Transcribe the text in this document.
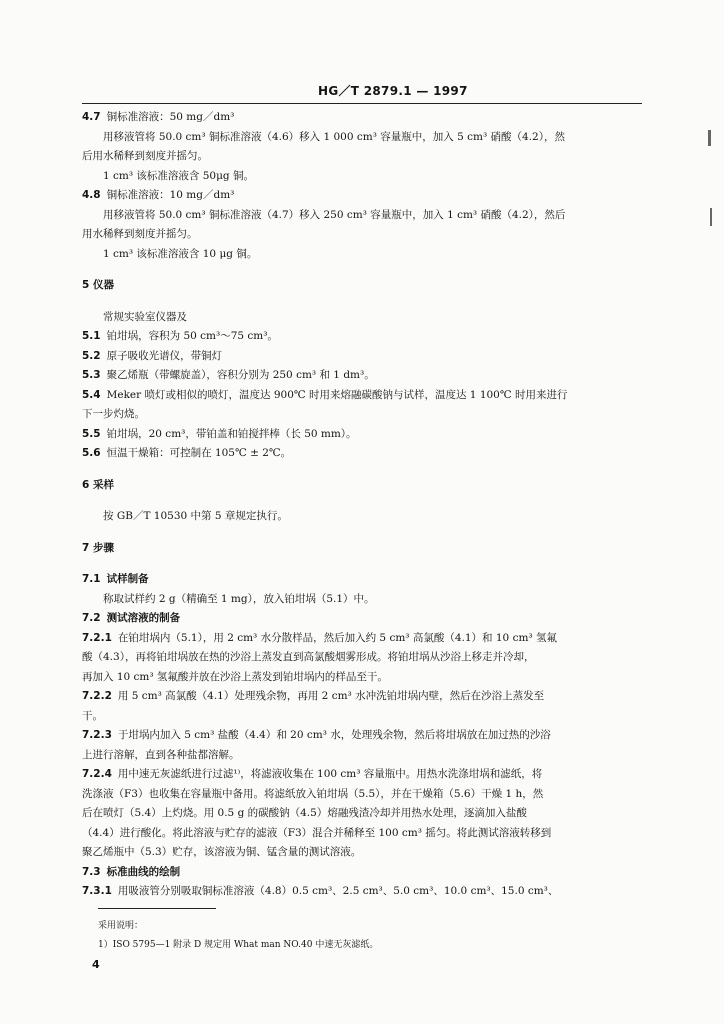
HG／T 2879.1 — 1997
4.7 铜标准溶液：50 mg／dm³
用移液管将 50.0 cm³ 铜标准溶液（4.6）移入 1 000 cm³ 容量瓶中，加入 5 cm³ 硝酸（4.2），然
后用水稀释到刻度并摇匀。
1 cm³ 该标准溶液含 50μg 铜。
4.8 铜标准溶液：10 mg／dm³
用移液管将 50.0 cm³ 铜标准溶液（4.7）移入 250 cm³ 容量瓶中，加入 1 cm³ 硝酸（4.2），然后
用水稀释到刻度并摇匀。
1 cm³ 该标准溶液含 10 μg 铜。
5 仪器
常规实验室仪器及
5.1 铂坩埚，容积为 50 cm³～75 cm³。
5.2 原子吸收光谱仪，带铜灯
5.3 聚乙烯瓶（带螺旋盖），容积分别为 250 cm³ 和 1 dm³。
5.4 Meker 喷灯或相似的喷灯，温度达 900℃ 时用来熔融碳酸钠与试样，温度达 1 100℃ 时用来进行
下一步灼烧。
5.5 铂坩埚，20 cm³，带铂盖和铂搅拌棒（长 50 mm）。
5.6 恒温干燥箱：可控制在 105℃ ± 2℃。
6 采样
按 GB／T 10530 中第 5 章规定执行。
7 步骤
7.1 试样制备
称取试样约 2 g（精确至 1 mg），放入铂坩埚（5.1）中。
7.2 测试溶液的制备
7.2.1 在铂坩埚内（5.1），用 2 cm³ 水分散样品，然后加入约 5 cm³ 高氯酸（4.1）和 10 cm³ 氢氟
酸（4.3），再将铂坩埚放在热的沙浴上蒸发直到高氯酸烟雾形成。将铂坩埚从沙浴上移走并冷却，
再加入 10 cm³ 氢氟酸并放在沙浴上蒸发到铂坩埚内的样品至干。
7.2.2 用 5 cm³ 高氯酸（4.1）处理残余物，再用 2 cm³ 水冲洗铂坩埚内壁，然后在沙浴上蒸发至
干。
7.2.3 于坩埚内加入 5 cm³ 盐酸（4.4）和 20 cm³ 水，处理残余物，然后将坩埚放在加过热的沙浴
上进行溶解，直到各种盐都溶解。
7.2.4 用中速无灰滤纸进行过滤¹⁾，将滤液收集在 100 cm³ 容量瓶中。用热水洗涤坩埚和滤纸，将
洗涤液（F3）也收集在容量瓶中备用。将滤纸放入铂坩埚（5.5），并在干燥箱（5.6）干燥 1 h，然
后在喷灯（5.4）上灼烧。用 0.5 g 的碳酸钠（4.5）熔融残渣冷却并用热水处理，逐滴加入盐酸
（4.4）进行酸化。将此溶液与贮存的滤液（F3）混合并稀释至 100 cm³ 摇匀。将此测试溶液转移到
聚乙烯瓶中（5.3）贮存，该溶液为铜、锰含量的测试溶液。
7.3 标准曲线的绘制
7.3.1 用吸液管分别吸取铜标准溶液（4.8）0.5 cm³、2.5 cm³、5.0 cm³、10.0 cm³、15.0 cm³、
采用说明：
1）ISO 5795—1 附录 D 规定用 What man NO.40 中速无灰滤纸。
4
